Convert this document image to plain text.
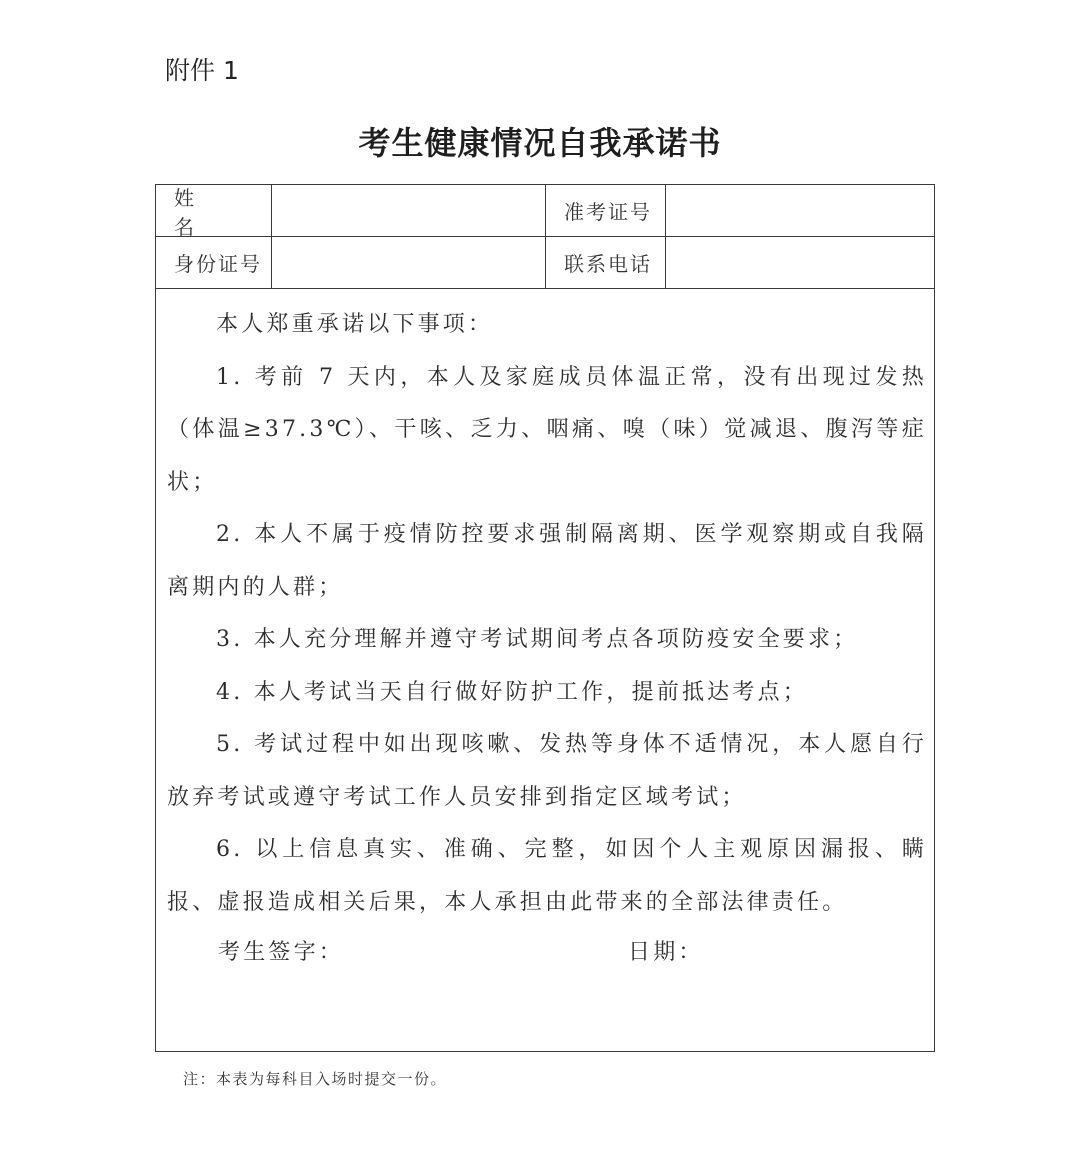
附件 1

考生健康情况自我承诺书
姓名
准考证号
身份证号	联系电话

本人郑重承诺以下事项：

1. 考前 7 天内，本人及家庭成员体温正常，没有出现过发热（体温≥37.3℃）、干咳、乏力、咽痛、嗅（味）觉减退、腹泻等症状；

2. 本人不属于疫情防控要求强制隔离期、医学观察期或自我隔离期内的人群；

3. 本人充分理解并遵守考试期间考点各项防疫安全要求；

4. 本人考试当天自行做好防护工作，提前抵达考点；

5. 考试过程中如出现咳嗽、发热等身体不适情况，本人愿自行放弃考试或遵守考试工作人员安排到指定区域考试；

6. 以上信息真实、准确、完整，如因个人主观原因漏报、瞒报、虚报造成相关后果，本人承担由此带来的全部法律责任。

考生签字：	日期：

注：本表为每科目入场时提交一份。
